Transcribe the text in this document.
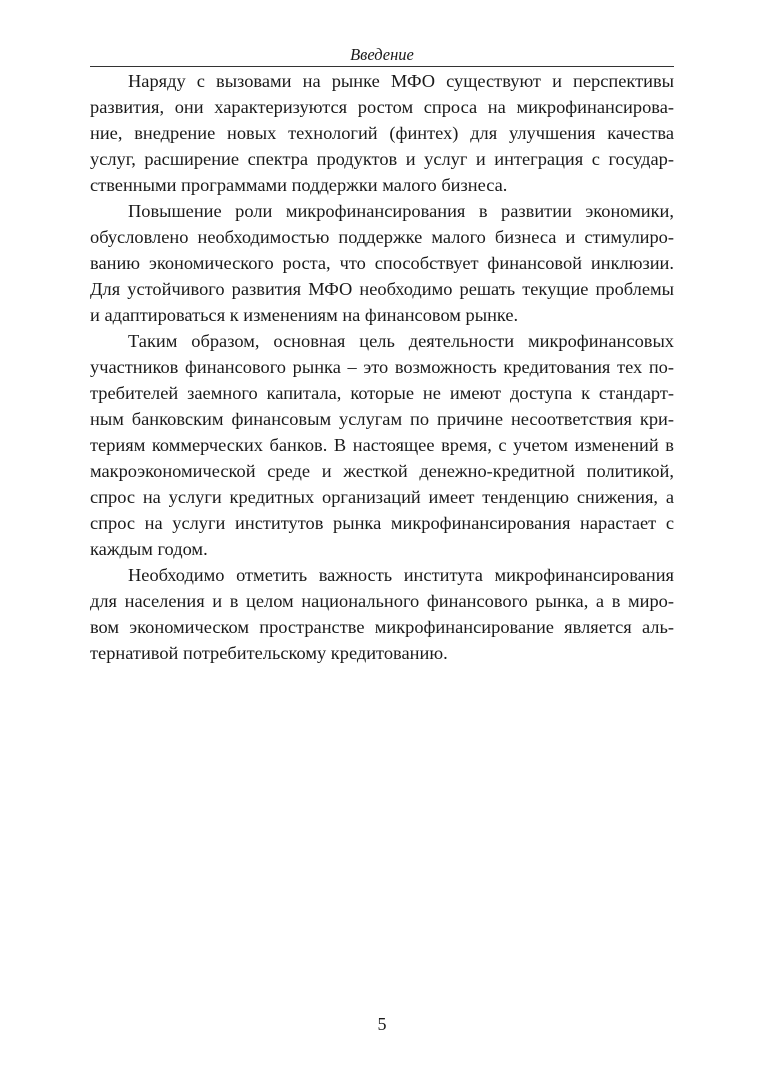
Введение
Наряду с вызовами на рынке МФО существуют и перспективы
развития, они характеризуются ростом спроса на микрофинансирова-
ние, внедрение новых технологий (финтех) для улучшения качества
услуг, расширение спектра продуктов и услуг и интеграция с государ-
ственными программами поддержки малого бизнеса.
Повышение роли микрофинансирования в развитии экономики,
обусловлено необходимостью поддержке малого бизнеса и стимулиро-
ванию экономического роста, что способствует финансовой инклюзии.
Для устойчивого развития МФО необходимо решать текущие проблемы
и адаптироваться к изменениям на финансовом рынке.
Таким образом, основная цель деятельности микрофинансовых
участников финансового рынка – это возможность кредитования тех по-
требителей заемного капитала, которые не имеют доступа к стандарт-
ным банковским финансовым услугам по причине несоответствия кри-
териям коммерческих банков. В настоящее время, с учетом изменений в
макроэкономической среде и жесткой денежно-кредитной политикой,
спрос на услуги кредитных организаций имеет тенденцию снижения, а
спрос на услуги институтов рынка микрофинансирования нарастает с
каждым годом.
Необходимо отметить важность института микрофинансирования
для населения и в целом национального финансового рынка, а в миро-
вом экономическом пространстве микрофинансирование является аль-
тернативой потребительскому кредитованию.
5
